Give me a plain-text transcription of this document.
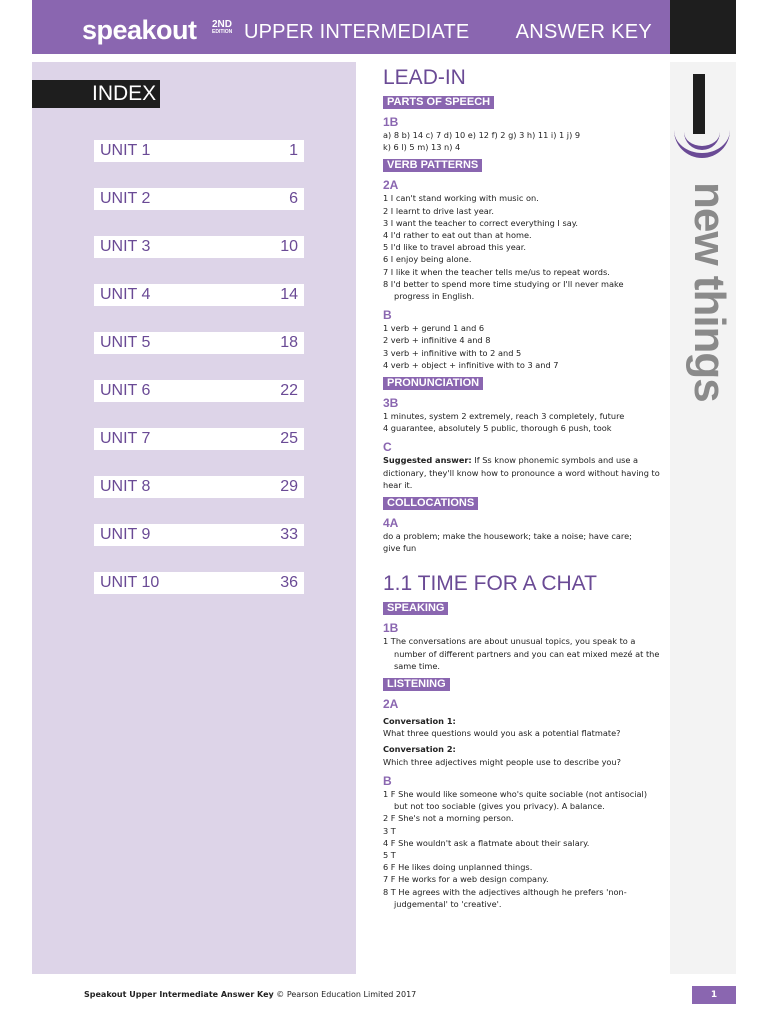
speakout 2ND
EDITION UPPER INTERMEDIATE ANSWER KEY
INDEX
UNIT 1	1
UNIT 2	6
UNIT 3	10
UNIT 4	14
UNIT 5	18
UNIT 6	22
UNIT 7	25
UNIT 8	29
UNIT 9	33
UNIT 10	36
LEAD-IN
PARTS OF SPEECH
1B
a) 8 b) 14 c) 7 d) 10 e) 12 f) 2 g) 3 h) 11 i) 1 j) 9
k) 6 l) 5 m) 13 n) 4
VERB PATTERNS
2A
1 I can't stand working with music on.
2 I learnt to drive last year.
3 I want the teacher to correct everything I say.
4 I'd rather to eat out than at home.
5 I'd like to travel abroad this year.
6 I enjoy being alone.
7 I like it when the teacher tells me/us to repeat words.
8 I'd better to spend more time studying or I'll never make progress in English.
B
1 verb + gerund 1 and 6
2 verb + infinitive 4 and 8
3 verb + infinitive with to 2 and 5
4 verb + object + infinitive with to 3 and 7
PRONUNCIATION
3B
1 minutes, system 2 extremely, reach 3 completely, future
4 guarantee, absolutely 5 public, thorough 6 push, took
C
Suggested answer: If Ss know phonemic symbols and use a dictionary, they'll know how to pronounce a word without having to hear it.
COLLOCATIONS
4A
do a problem; make the housework; take a noise; have care;
give fun
1.1 TIME FOR A CHAT
SPEAKING
1B
1 The conversations are about unusual topics, you speak to a number of different partners and you can eat mixed mezé at the same time.
LISTENING
2A
Conversation 1:
What three questions would you ask a potential flatmate?
Conversation 2:
Which three adjectives might people use to describe you?
B
1 F She would like someone who's quite sociable (not antisocial) but not too sociable (gives you privacy). A balance.
2 F She's not a morning person.
3 T
4 F She wouldn't ask a flatmate about their salary.
5 T
6 F He likes doing unplanned things.
7 F He works for a web design company.
8 T He agrees with the adjectives although he prefers 'non-judgemental' to 'creative'.
new things
Speakout Upper Intermediate Answer Key © Pearson Education Limited 2017	1
